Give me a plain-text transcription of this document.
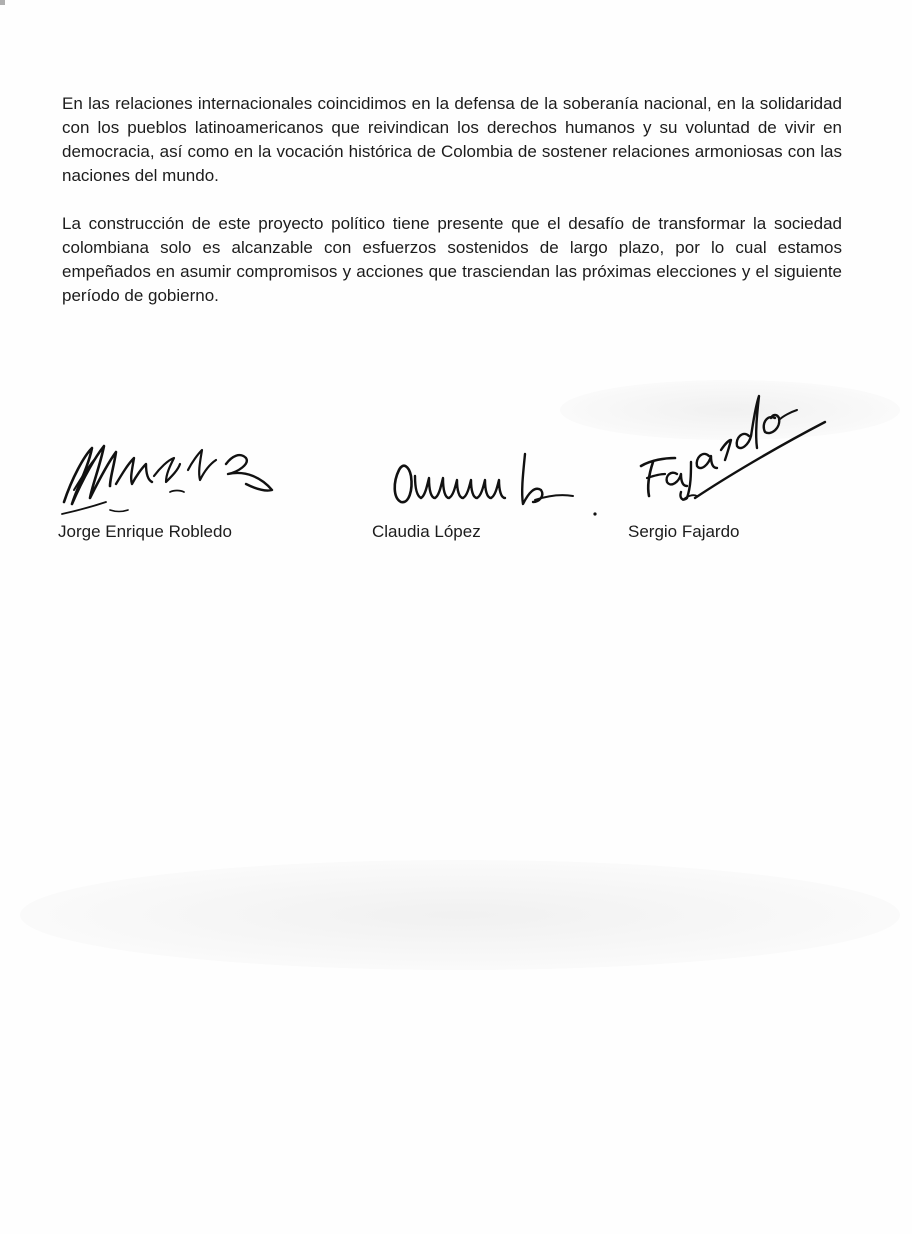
En las relaciones internacionales coincidimos en la defensa de la soberanía nacional, en la solidaridad con los pueblos latinoamericanos que reivindican los derechos humanos y su voluntad de vivir en democracia, así como en la vocación histórica de Colombia de sostener relaciones armoniosas con las naciones del mundo.

La construcción de este proyecto político tiene presente que el desafío de transformar la sociedad colombiana solo es alcanzable con esfuerzos sostenidos de largo plazo, por lo cual estamos empeñados en asumir compromisos y acciones que trasciendan las próximas elecciones y el siguiente período de gobierno.

Jorge Enrique Robledo	Claudia López	Sergio Fajardo
